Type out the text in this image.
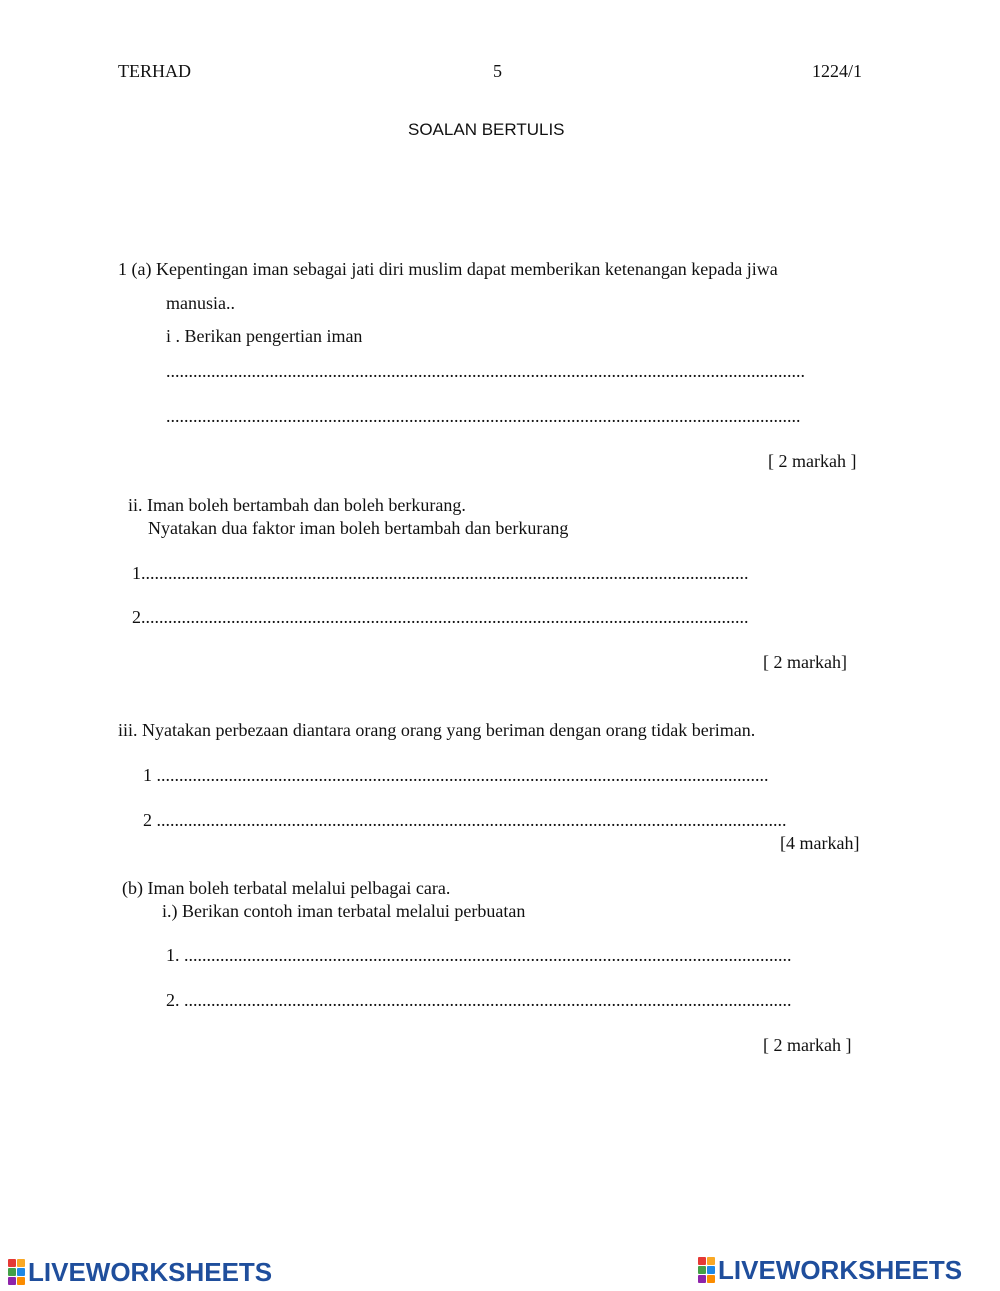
TERHAD	5	1224/1
SOALAN BERTULIS
1 (a) Kepentingan iman sebagai jati diri muslim dapat memberikan ketenangan kepada jiwa
manusia..
i . Berikan pengertian iman
..............................................................................................................................................
.............................................................................................................................................
[ 2 markah ]
ii. Iman boleh bertambah dan boleh berkurang.
Nyatakan dua faktor iman boleh bertambah dan berkurang
1.......................................................................................................................................
2.......................................................................................................................................
[ 2 markah]
iii. Nyatakan perbezaan diantara orang orang yang beriman dengan orang tidak beriman.
1 ........................................................................................................................................
2 ............................................................................................................................................
[4 markah]
(b) Iman boleh terbatal melalui pelbagai cara.
i.) Berikan contoh iman terbatal melalui perbuatan
1. .......................................................................................................................................
2. .......................................................................................................................................
[ 2 markah ]
LIVEWORKSHEETS	LIVEWORKSHEETS
